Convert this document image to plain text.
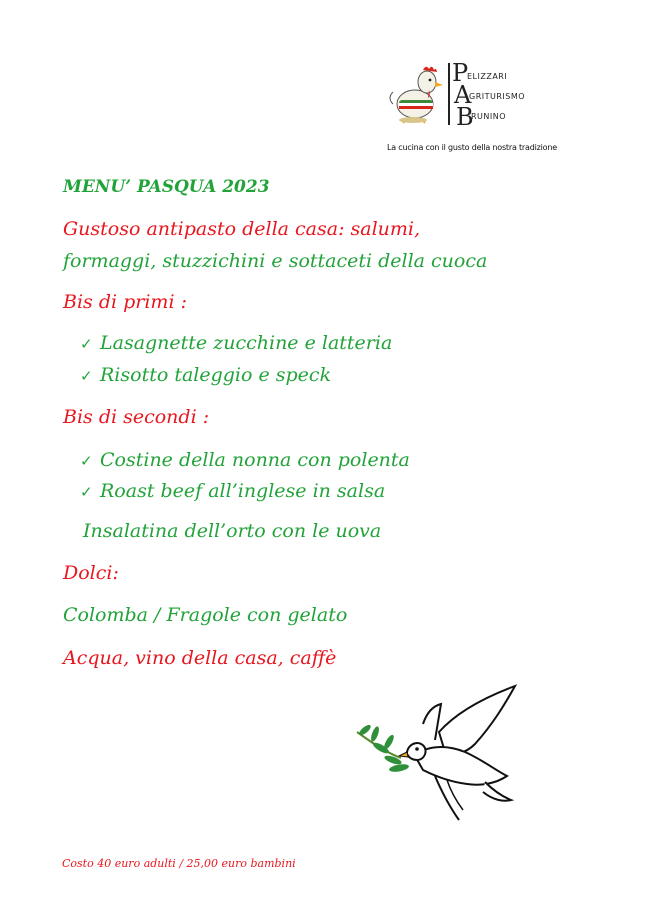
P
ELIZZARI
A
GRITURISMO
B
RUNINO
La cucina con il gusto della nostra tradizione
MENU’ PASQUA 2023
Gustoso antipasto della casa: salumi,
formaggi, stuzzichini e sottaceti della cuoca
Bis di primi :
✓ Lasagnette zucchine e latteria
✓ Risotto taleggio e speck
Bis di secondi :
✓ Costine della nonna con polenta
✓ Roast beef all’inglese in salsa
Insalatina dell’orto con le uova
Dolci:
Colomba / Fragole con gelato
Acqua, vino della casa, caffè
Costo 40 euro adulti / 25,00 euro bambini
